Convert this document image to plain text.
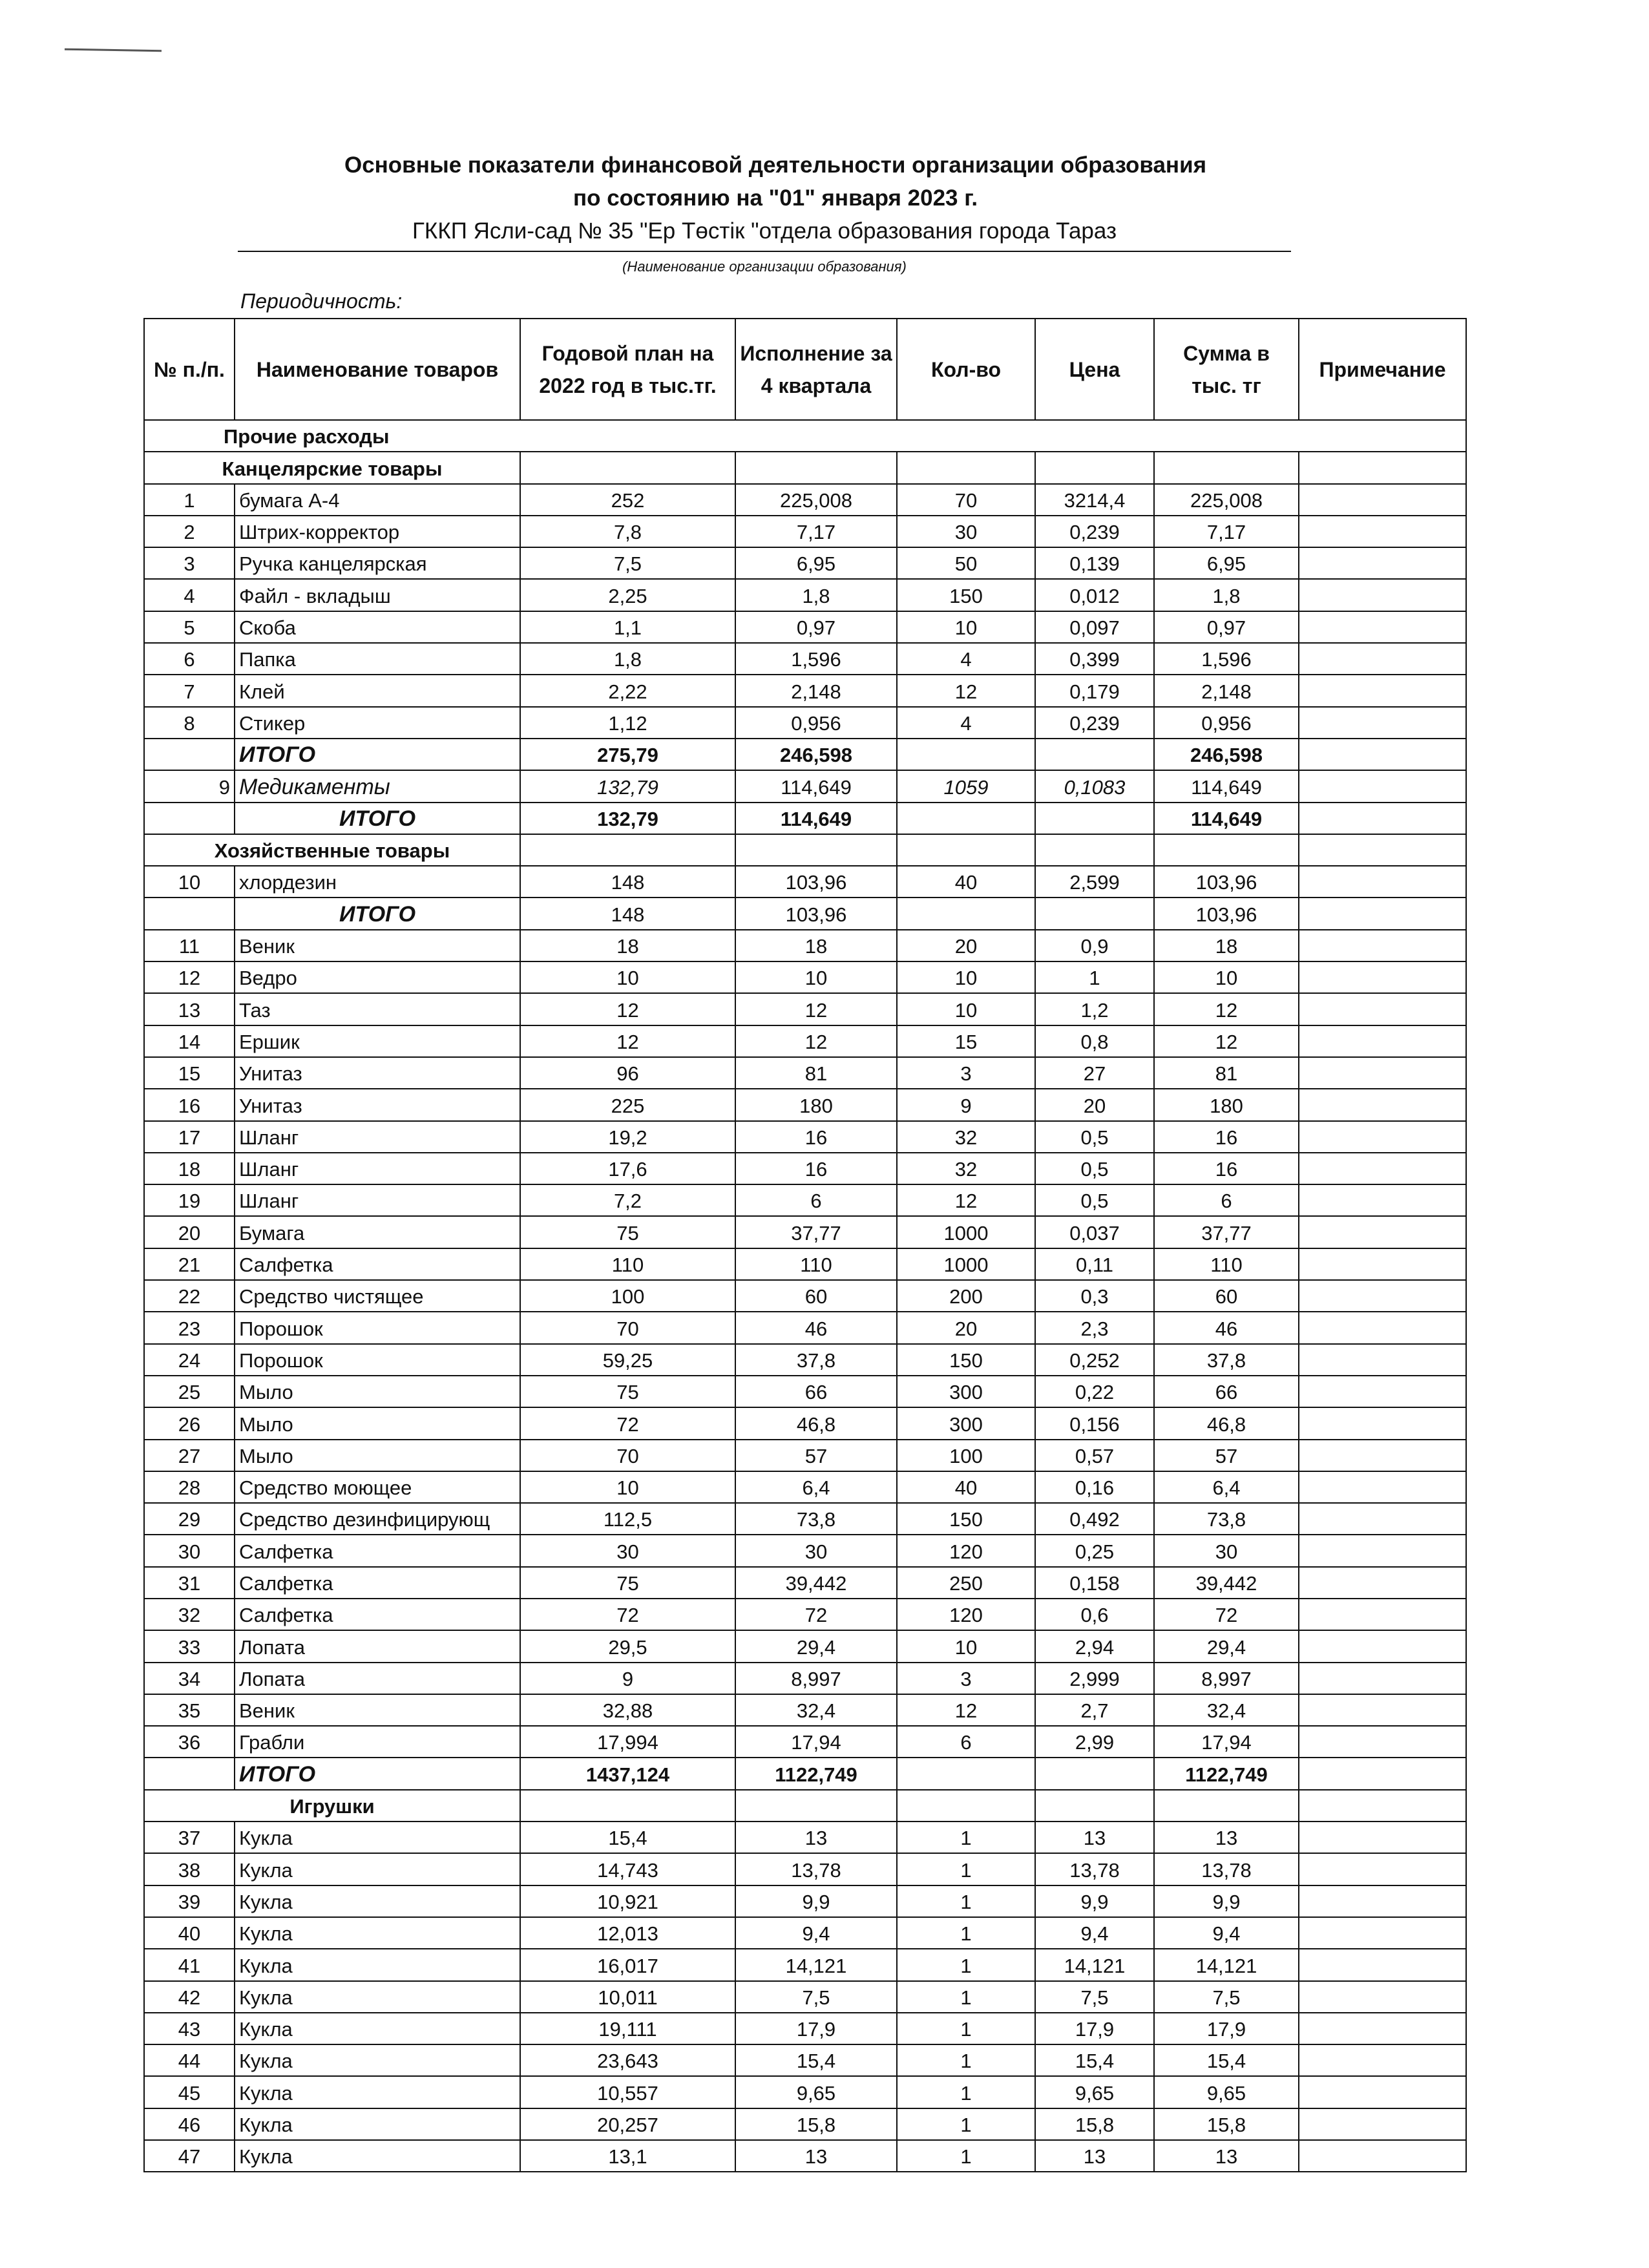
Основные показатели финансовой деятельности организации образования
по состоянию на "01" января 2023 г.
ГККП Ясли-сад № 35 "Ер Төстік "отдела образования города Тараз
(Наименование организации образования)
Периодичность:
№ п./п.	Наименование товаров	Годовой план на 2022 год в тыс.тг.	Исполнение за 4 квартала	Кол-во	Цена	Сумма в тыс. тг	Примечание
Прочие расходы							
Канцелярские товары							
1	бумага А-4	252	225,008	70	3214,4	225,008	
2	Штрих-корректор	7,8	7,17	30	0,239	7,17	
3	Ручка канцелярская	7,5	6,95	50	0,139	6,95	
4	Файл - вкладыш	2,25	1,8	150	0,012	1,8	
5	Скоба	1,1	0,97	10	0,097	0,97	
6	Папка	1,8	1,596	4	0,399	1,596	
7	Клей	2,22	2,148	12	0,179	2,148	
8	Стикер	1,12	0,956	4	0,239	0,956	
	ИТОГО	275,79	246,598			246,598	
9	Медикаменты	132,79	114,649	1059	0,1083	114,649	
	ИТОГО	132,79	114,649			114,649	
Хозяйственные товары							
10	хлордезин	148	103,96	40	2,599	103,96	
	ИТОГО	148	103,96			103,96	
11	Веник	18	18	20	0,9	18	
12	Ведро	10	10	10	1	10	
13	Таз	12	12	10	1,2	12	
14	Ершик	12	12	15	0,8	12	
15	Унитаз	96	81	3	27	81	
16	Унитаз	225	180	9	20	180	
17	Шланг	19,2	16	32	0,5	16	
18	Шланг	17,6	16	32	0,5	16	
19	Шланг	7,2	6	12	0,5	6	
20	Бумага	75	37,77	1000	0,037	37,77	
21	Салфетка	110	110	1000	0,11	110	
22	Средство чистящее	100	60	200	0,3	60	
23	Порошок	70	46	20	2,3	46	
24	Порошок	59,25	37,8	150	0,252	37,8	
25	Мыло	75	66	300	0,22	66	
26	Мыло	72	46,8	300	0,156	46,8	
27	Мыло	70	57	100	0,57	57	
28	Средство моющее	10	6,4	40	0,16	6,4	
29	Средство дезинфицирующ	112,5	73,8	150	0,492	73,8	
30	Салфетка	30	30	120	0,25	30	
31	Салфетка	75	39,442	250	0,158	39,442	
32	Салфетка	72	72	120	0,6	72	
33	Лопата	29,5	29,4	10	2,94	29,4	
34	Лопата	9	8,997	3	2,999	8,997	
35	Веник	32,88	32,4	12	2,7	32,4	
36	Грабли	17,994	17,94	6	2,99	17,94	
	ИТОГО	1437,124	1122,749			1122,749	
Игрушки							
37	Кукла	15,4	13	1	13	13	
38	Кукла	14,743	13,78	1	13,78	13,78	
39	Кукла	10,921	9,9	1	9,9	9,9	
40	Кукла	12,013	9,4	1	9,4	9,4	
41	Кукла	16,017	14,121	1	14,121	14,121	
42	Кукла	10,011	7,5	1	7,5	7,5	
43	Кукла	19,111	17,9	1	17,9	17,9	
44	Кукла	23,643	15,4	1	15,4	15,4	
45	Кукла	10,557	9,65	1	9,65	9,65	
46	Кукла	20,257	15,8	1	15,8	15,8	
47	Кукла	13,1	13	1	13	13	
